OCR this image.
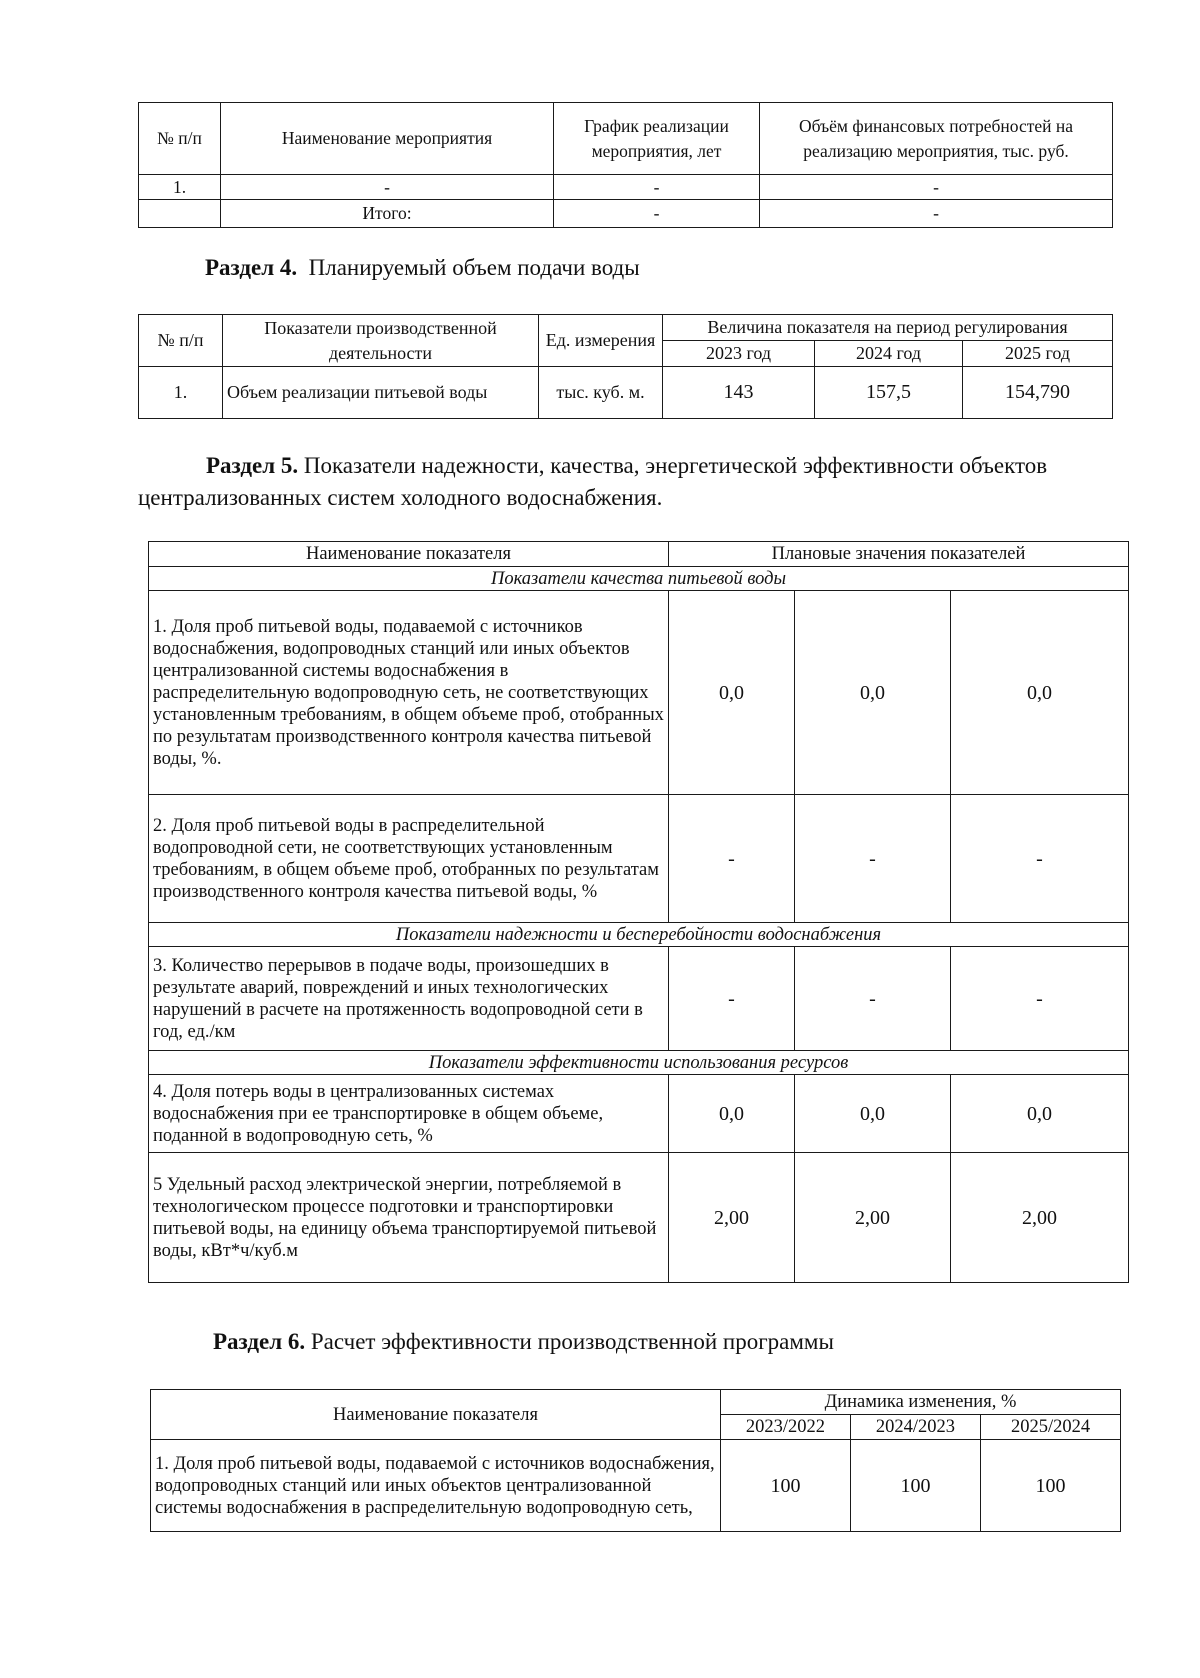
№ п/п	Наименование мероприятия	График реализации мероприятия, лет	Объём финансовых потребностей на реализацию мероприятия, тыс. руб.
1.	-	-	-
	Итого:	-	-
Раздел 4. Планируемый объем подачи воды
№ п/п	Показатели производственной деятельности	Ед. измерения	Величина показателя на период регулирования		
			2023 год	2024 год	2025 год
1.	Объем реализации питьевой воды	тыс. куб. м.	143	157,5	154,790
Раздел 5. Показатели надежности, качества, энергетической эффективности объектов централизованных систем холодного водоснабжения.
Наименование показателя	Плановые значения показателей		
Показатели качества питьевой воды			
1. Доля проб питьевой воды, подаваемой с источников водоснабжения, водопроводных станций или иных объектов централизованной системы водоснабжения в распределительную водопроводную сеть, не соответствующих установленным требованиям, в общем объеме проб, отобранных по результатам производственного контроля качества питьевой воды, %.	0,0	0,0	0,0
2. Доля проб питьевой воды в распределительной водопроводной сети, не соответствующих установленным требованиям, в общем объеме проб, отобранных по результатам производственного контроля качества питьевой воды, %	-	-	-
Показатели надежности и бесперебойности водоснабжения			
3. Количество перерывов в подаче воды, произошедших в результате аварий, повреждений и иных технологических нарушений в расчете на протяженность водопроводной сети в год, ед./км	-	-	-
Показатели эффективности использования ресурсов			
4. Доля потерь воды в централизованных системах водоснабжения при ее транспортировке в общем объеме, поданной в водопроводную сеть, %	0,0	0,0	0,0
5 Удельный расход электрической энергии, потребляемой в технологическом процессе подготовки и транспортировки питьевой воды, на единицу объема транспортируемой питьевой воды, кВт*ч/куб.м	2,00	2,00	2,00
Раздел 6. Расчет эффективности производственной программы
Наименование показателя	Динамика изменения, %		
	2023/2022	2024/2023	2025/2024
1. Доля проб питьевой воды, подаваемой с источников водоснабжения, водопроводных станций или иных объектов централизованной системы водоснабжения в распределительную водопроводную сеть,	100	100	100
